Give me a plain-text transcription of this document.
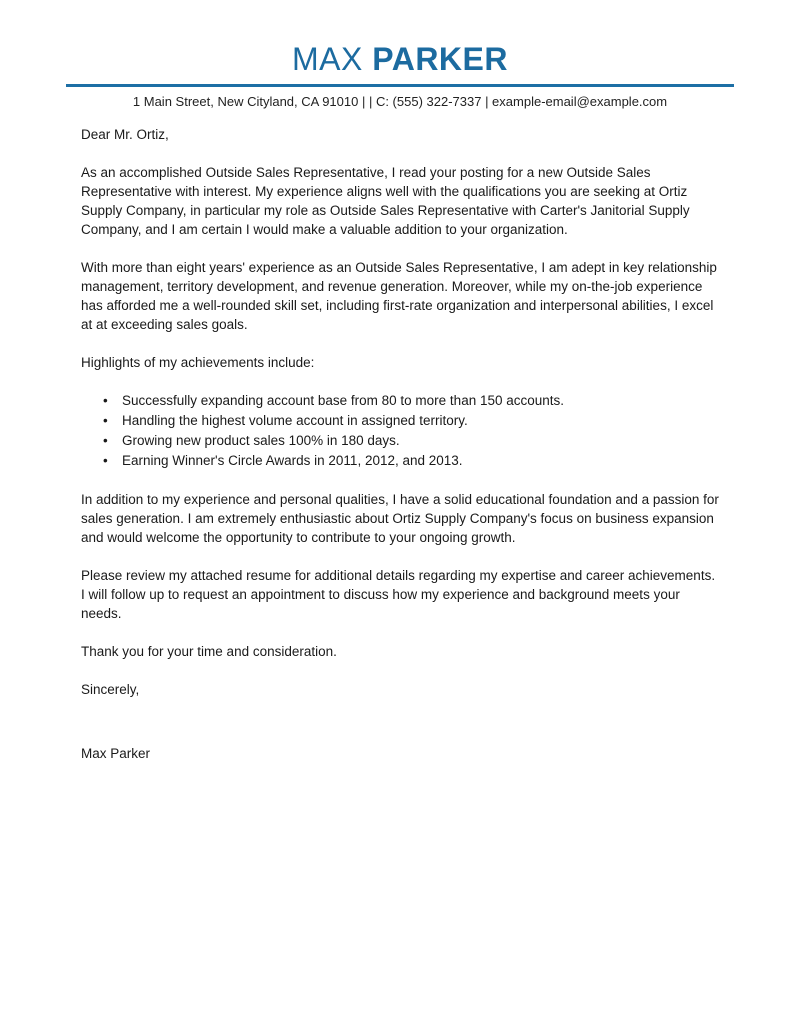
MAX PARKER
1 Main Street, New Cityland, CA 91010 | | C: (555) 322-7337 | example-email@example.com

Dear Mr. Ortiz,

As an accomplished Outside Sales Representative, I read your posting for a new Outside Sales Representative with interest. My experience aligns well with the qualifications you are seeking at Ortiz Supply Company, in particular my role as Outside Sales Representative with Carter's Janitorial Supply Company, and I am certain I would make a valuable addition to your organization.

With more than eight years' experience as an Outside Sales Representative, I am adept in key relationship management, territory development, and revenue generation. Moreover, while my on-the-job experience has afforded me a well-rounded skill set, including first-rate organization and interpersonal abilities, I excel at at exceeding sales goals.

Highlights of my achievements include:

• Successfully expanding account base from 80 to more than 150 accounts.
• Handling the highest volume account in assigned territory.
• Growing new product sales 100% in 180 days.
• Earning Winner's Circle Awards in 2011, 2012, and 2013.

In addition to my experience and personal qualities, I have a solid educational foundation and a passion for sales generation. I am extremely enthusiastic about Ortiz Supply Company's focus on business expansion and would welcome the opportunity to contribute to your ongoing growth.

Please review my attached resume for additional details regarding my expertise and career achievements. I will follow up to request an appointment to discuss how my experience and background meets your needs.

Thank you for your time and consideration.

Sincerely,

Max Parker
